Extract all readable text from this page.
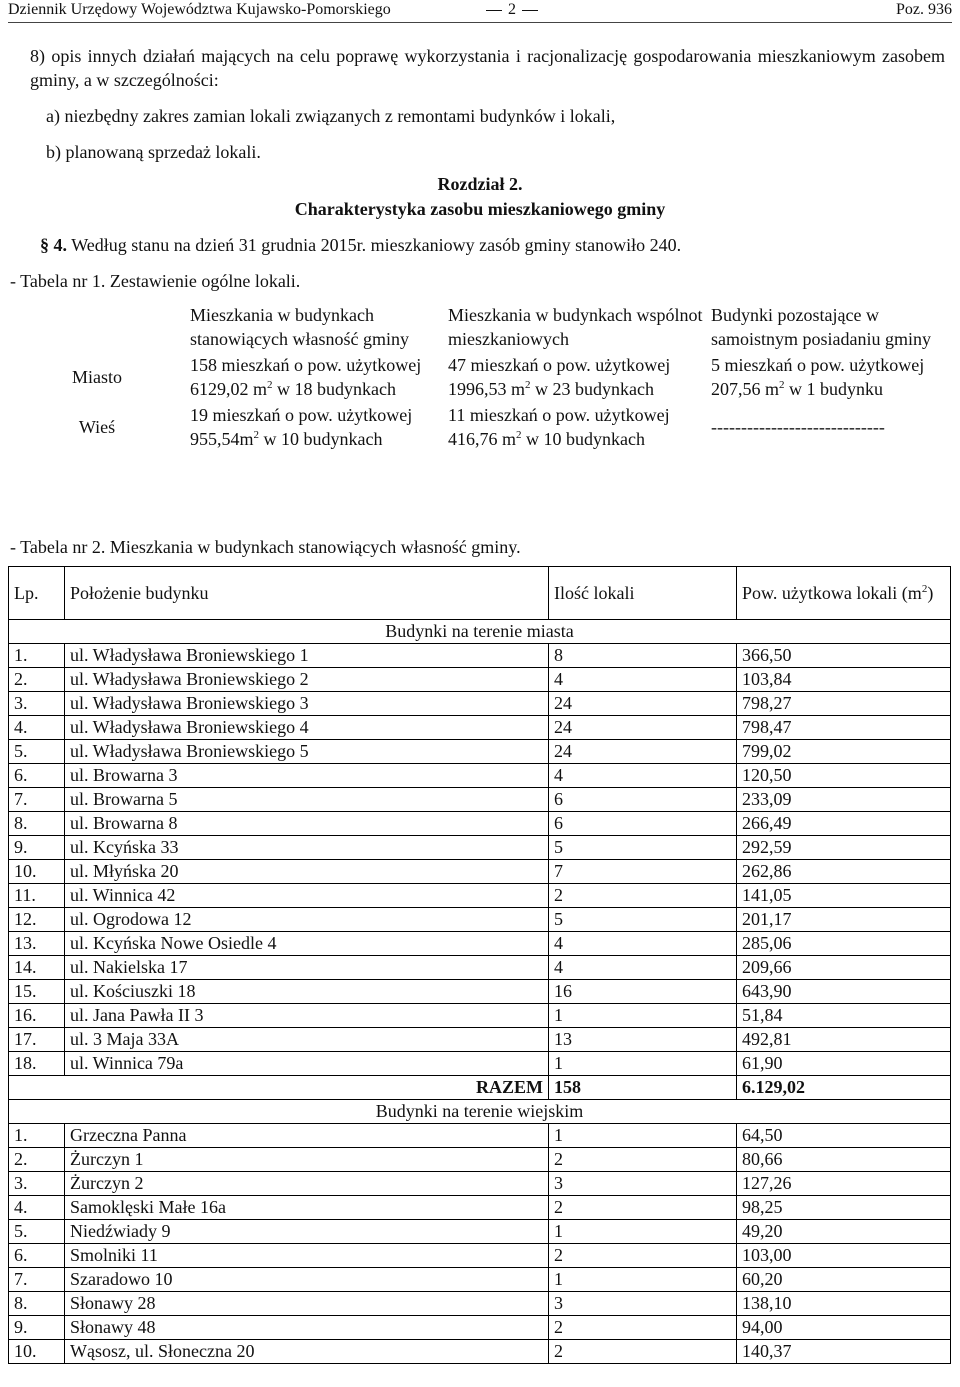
Dziennik Urzędowy Województwa Kujawsko-Pomorskiego	2	Poz. 936
8) opis innych działań mających na celu poprawę wykorzystania i racjonalizację gospodarowania mieszkaniowym zasobem gminy, a w szczególności:
a) niezbędny zakres zamian lokali związanych z remontami budynków i lokali,
b) planowaną sprzedaż lokali.
Rozdział 2.
Charakterystyka zasobu mieszkaniowego gminy
§ 4. Według stanu na dzień 31 grudnia 2015r. mieszkaniowy zasób gminy stanowiło 240.
- Tabela nr 1. Zestawienie ogólne lokali.
	Mieszkania w budynkach stanowiących własność gminy	Mieszkania w budynkach wspólnot mieszkaniowych	Budynki pozostające w samoistnym posiadaniu gminy
Miasto	158 mieszkań o pow. użytkowej 6129,02 $m^2$ w 18 budynkach	47 mieszkań o pow. użytkowej 1996,53 $m^2$ w 23 budynkach	5 mieszkań o pow. użytkowej 207,56 $m^2$ w 1 budynku
Wieś	19 mieszkań o pow. użytkowej $955,54m^2$ w 10 budynkach	11 mieszkań o pow. użytkowej 416,76 $m^2$ w 10 budynkach	-----------------------------
- Tabela nr 2. Mieszkania w budynkach stanowiących własność gminy.
Lp.	Położenie budynku	Ilość lokali	Pow. użytkowa lokali $(m^2)$
Budynki na terenie miasta			
1.	ul. Władysława Broniewskiego 1	8	366,50
2.	ul. Władysława Broniewskiego 2	4	103,84
3.	ul. Władysława Broniewskiego 3	24	798,27
4.	ul. Władysława Broniewskiego 4	24	798,47
5.	ul. Władysława Broniewskiego 5	24	799,02
6.	ul. Browarna 3	4	120,50
7.	ul. Browarna 5	6	233,09
8.	ul. Browarna 8	6	266,49
9.	ul. Kcyńska 33	5	292,59
10.	ul. Młyńska 20	7	262,86
11.	ul. Winnica 42	2	141,05
12.	ul. Ogrodowa 12	5	201,17
13.	ul. Kcyńska Nowe Osiedle 4	4	285,06
14.	ul. Nakielska 17	4	209,66
15.	ul. Kościuszki 18	16	643,90
16.	ul. Jana Pawła II 3	1	51,84
17.	ul. 3 Maja 33A	13	492,81
18.	ul. Winnica 79a	1	61,90
RAZEM		158	6.129,02
Budynki na terenie wiejskim			
1.	Grzeczna Panna	1	64,50
2.	Żurczyn 1	2	80,66
3.	Żurczyn 2	3	127,26
4.	Samoklęski Małe 16a	2	98,25
5.	Niedźwiady 9	1	49,20
6.	Smolniki 11	2	103,00
7.	Szaradowo 10	1	60,20
8.	Słonawy 28	3	138,10
9.	Słonawy 48	2	94,00
10.	Wąsosz, ul. Słoneczna 20	2	140,37
